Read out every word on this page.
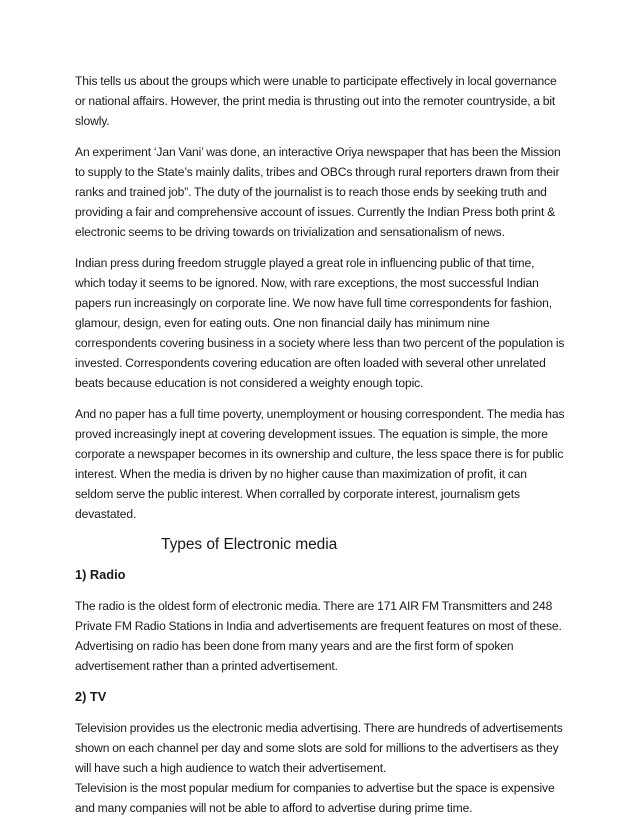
This tells us about the groups which were unable to participate effectively in local governance or national affairs. However, the print media is thrusting out into the remoter countryside, a bit slowly.

An experiment ‘Jan Vani’ was done, an interactive Oriya newspaper that has been the Mission to supply to the State’s mainly dalits, tribes and OBCs through rural reporters drawn from their ranks and trained job”. The duty of the journalist is to reach those ends by seeking truth and providing a fair and comprehensive account of issues. Currently the Indian Press both print & electronic seems to be driving towards on trivialization and sensationalism of news.

Indian press during freedom struggle played a great role in influencing public of that time, which today it seems to be ignored. Now, with rare exceptions, the most successful Indian papers run increasingly on corporate line. We now have full time correspondents for fashion, glamour, design, even for eating outs. One non financial daily has minimum nine correspondents covering business in a society where less than two percent of the population is invested. Correspondents covering education are often loaded with several other unrelated beats because education is not considered a weighty enough topic.

And no paper has a full time poverty, unemployment or housing correspondent. The media has proved increasingly inept at covering development issues. The equation is simple, the more corporate a newspaper becomes in its ownership and culture, the less space there is for public interest. When the media is driven by no higher cause than maximization of profit, it can seldom serve the public interest. When corralled by corporate interest, journalism gets devastated.

Types of Electronic media
1) Radio

The radio is the oldest form of electronic media. There are 171 AIR FM Transmitters and 248 Private FM Radio Stations in India and advertisements are frequent features on most of these. Advertising on radio has been done from many years and are the first form of spoken advertisement rather than a printed advertisement.

2) TV

Television provides us the electronic media advertising. There are hundreds of advertisements shown on each channel per day and some slots are sold for millions to the advertisers as they will have such a high audience to watch their advertisement.

Television is the most popular medium for companies to advertise but the space is expensive and many companies will not be able to afford to advertise during prime time.
